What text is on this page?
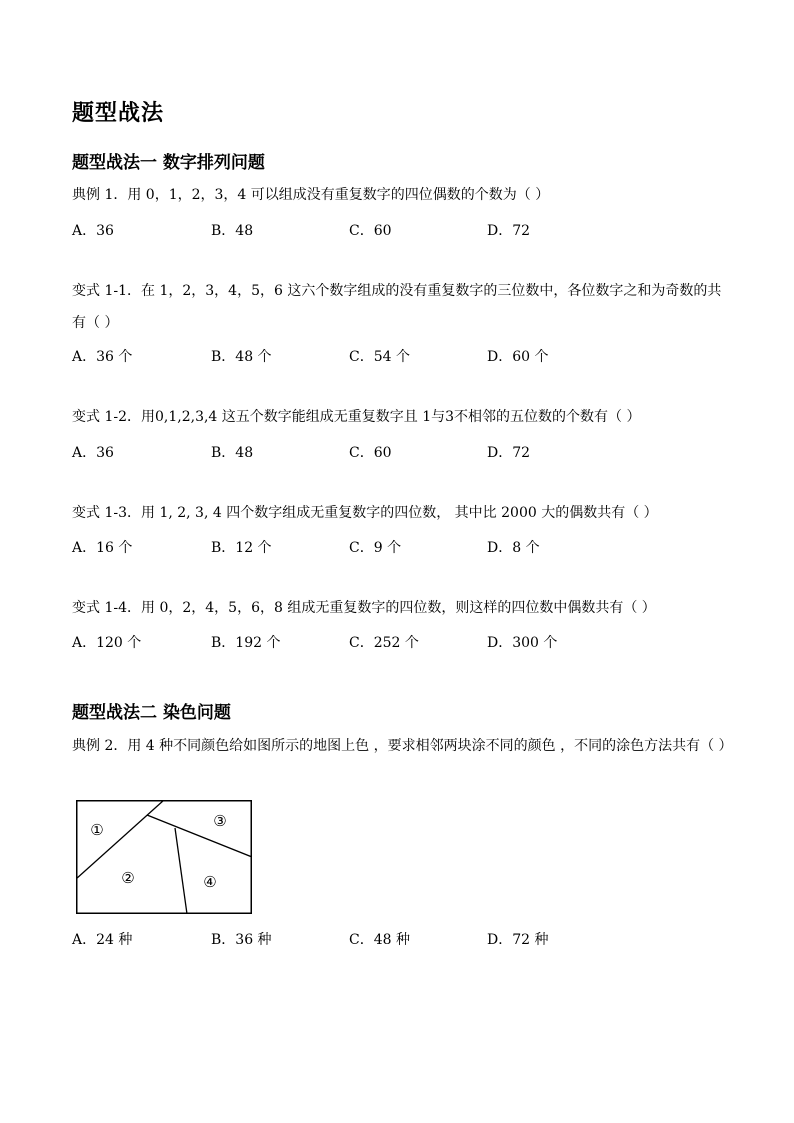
题型战法
题型战法一 数字排列问题
典例 1．用 0，1，2，3，4 可以组成没有重复数字的四位偶数的个数为（ ）
A．36	B．48	C．60	D．72
变式 1-1．在 1，2，3，4，5，6 这六个数字组成的没有重复数字的三位数中，各位数字之和为奇数的共有（ ）
A．36 个	B．48 个	C．54 个	D．60 个
变式 1-2．用0,1,2,3,4 这五个数字能组成无重复数字且 1与3不相邻的五位数的个数有（ ）
A．36	B．48	C．60	D．72
变式 1-3．用 1, 2, 3, 4 四个数字组成无重复数字的四位数， 其中比 2000 大的偶数共有（ ）
A．16 个	B．12 个	C．9 个	D．8 个
变式 1-4．用 0，2，4，5，6，8 组成无重复数字的四位数，则这样的四位数中偶数共有（ ）
A．120 个	B．192 个	C．252 个	D．300 个
题型战法二 染色问题
典例 2．用 4 种不同颜色给如图所示的地图上色 ，要求相邻两块涂不同的颜色 ，不同的涂色方法共有（ ）
①
②
③
④
A．24 种	B．36 种	C．48 种	D．72 种
